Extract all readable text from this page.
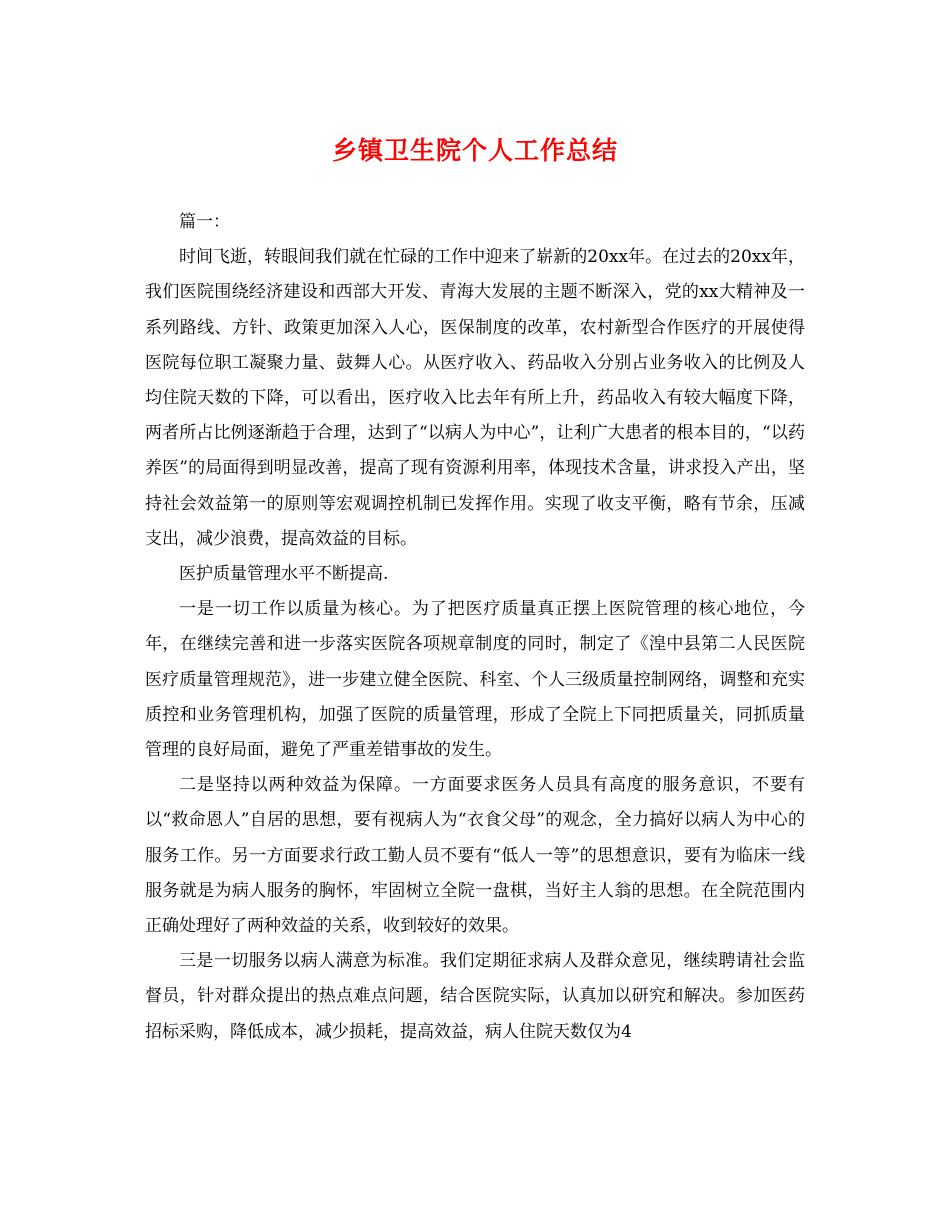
乡镇卫生院个人工作总结

篇一：

时间飞逝，转眼间我们就在忙碌的工作中迎来了崭新的20xx年。在过去的20xx年，我们医院围绕经济建设和西部大开发、青海大发展的主题不断深入，党的xx大精神及一系列路线、方针、政策更加深入人心，医保制度的改革，农村新型合作医疗的开展使得医院每位职工凝聚力量、鼓舞人心。从医疗收入、药品收入分别占业务收入的比例及人均住院天数的下降，可以看出，医疗收入比去年有所上升，药品收入有较大幅度下降，两者所占比例逐渐趋于合理，达到了“以病人为中心”，让利广大患者的根本目的，“以药养医”的局面得到明显改善，提高了现有资源利用率，体现技术含量，讲求投入产出，坚持社会效益第一的原则等宏观调控机制已发挥作用。实现了收支平衡，略有节余，压减支出，减少浪费，提高效益的目标。

医护质量管理水平不断提高.

一是一切工作以质量为核心。为了把医疗质量真正摆上医院管理的核心地位，今年，在继续完善和进一步落实医院各项规章制度的同时，制定了《湟中县第二人民医院医疗质量管理规范》，进一步建立健全医院、科室、个人三级质量控制网络，调整和充实质控和业务管理机构，加强了医院的质量管理，形成了全院上下同把质量关，同抓质量管理的良好局面，避免了严重差错事故的发生。

二是坚持以两种效益为保障。一方面要求医务人员具有高度的服务意识，不要有以“救命恩人”自居的思想，要有视病人为“衣食父母”的观念，全力搞好以病人为中心的服务工作。另一方面要求行政工勤人员不要有“低人一等”的思想意识，要有为临床一线服务就是为病人服务的胸怀，牢固树立全院一盘棋，当好主人翁的思想。在全院范围内正确处理好了两种效益的关系，收到较好的效果。

三是一切服务以病人满意为标准。我们定期征求病人及群众意见，继续聘请社会监督员，针对群众提出的热点难点问题，结合医院实际，认真加以研究和解决。参加医药招标采购，降低成本，减少损耗，提高效益，病人住院天数仅为4
